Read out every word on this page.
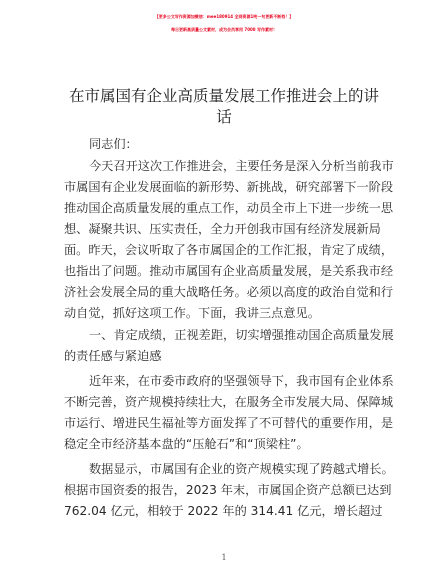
【更多公文写作资源加微信：mee180914 全网资源1吨一句更新不断档！】
每日更新高质量公文素材，成为会员享用 7000 写作素材！
在市属国有企业高质量发展工作推进会上的讲话
同志们：
今天召开这次工作推进会，主要任务是深入分析当前我市
市属国有企业发展面临的新形势、新挑战，研究部署下一阶段
推动国企高质量发展的重点工作，动员全市上下进一步统一思
想、凝聚共识、压实责任，全力开创我市国有经济发展新局
面。昨天，会议听取了各市属国企的工作汇报，肯定了成绩，
也指出了问题。推动市属国有企业高质量发展，是关系我市经
济社会发展全局的重大战略任务。必须以高度的政治自觉和行
动自觉，抓好这项工作。下面，我讲三点意见。
一、肯定成绩，正视差距，切实增强推动国企高质量发展
的责任感与紧迫感
近年来，在市委市政府的坚强领导下，我市国有企业体系
不断完善，资产规模持续壮大，在服务全市发展大局、保障城
市运行、增进民生福祉等方面发挥了不可替代的重要作用，是
稳定全市经济基本盘的“压舱石”和“顶梁柱”。
数据显示，市属国有企业的资产规模实现了跨越式增长。
根据市国资委的报告，2023 年末，市属国企资产总额已达到
762.04 亿元，相较于 2022 年的 314.41 亿元，增长超过
1
